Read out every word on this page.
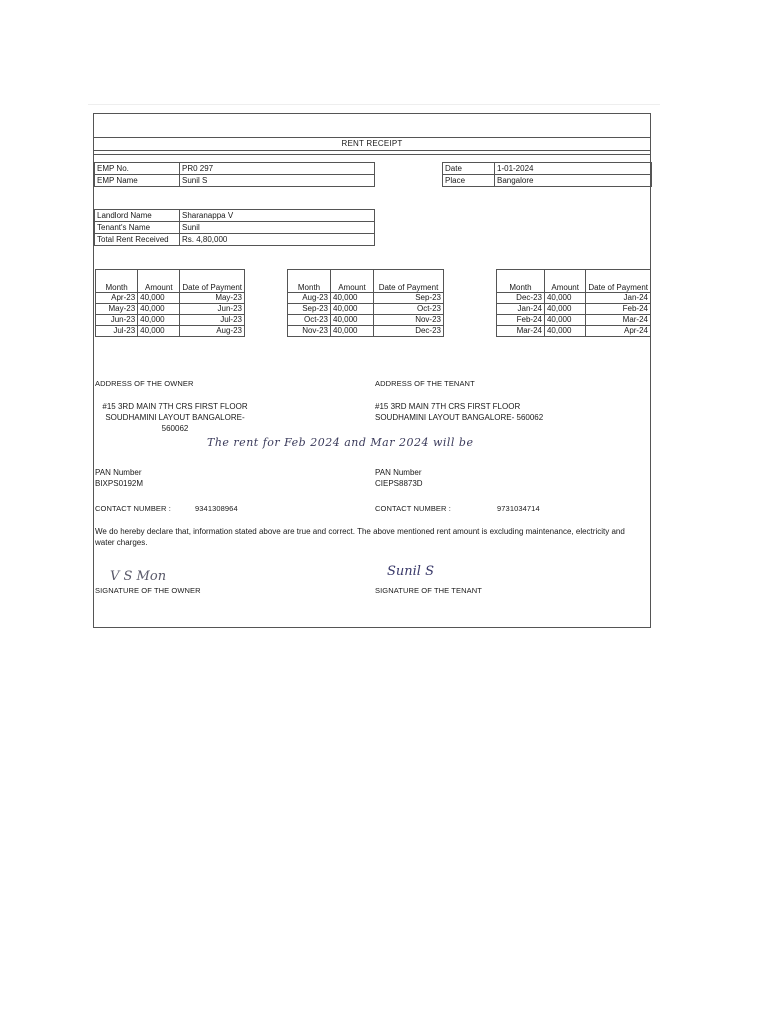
RENT RECEIPT
EMP No.	PR0 297
EMP Name	Sunil S
Date	1-01-2024
Place	Bangalore
Landlord Name	Sharanappa V
Tenant's Name	Sunil
Total Rent Received	Rs. 4,80,000
Month	Amount	Date of Payment
Apr-23	40,000	May-23
May-23	40,000	Jun-23
Jun-23	40,000	Jul-23
Jul-23	40,000	Aug-23
Month	Amount	Date of Payment
Aug-23	40,000	Sep-23
Sep-23	40,000	Oct-23
Oct-23	40,000	Nov-23
Nov-23	40,000	Dec-23
Month	Amount	Date of Payment
Dec-23	40,000	Jan-24
Jan-24	40,000	Feb-24
Feb-24	40,000	Mar-24
Mar-24	40,000	Apr-24
ADDRESS OF THE OWNER	ADDRESS OF THE TENANT
#15 3RD MAIN 7TH CRS FIRST FLOOR
SOUDHAMINI LAYOUT BANGALORE-
560062
#15 3RD MAIN 7TH CRS FIRST FLOOR
SOUDHAMINI LAYOUT BANGALORE- 560062
The rent for Feb 2024 and Mar 2024 will be
PAN Number
BIXPS0192M
PAN Number
CIEPS8873D
CONTACT NUMBER :	9341308964	CONTACT NUMBER :	9731034714
We do hereby declare that, information stated above are true and correct. The above mentioned rent amount is excluding maintenance, electricity and water charges.
V S Mon	Sunil S
SIGNATURE OF THE OWNER	SIGNATURE OF THE TENANT
